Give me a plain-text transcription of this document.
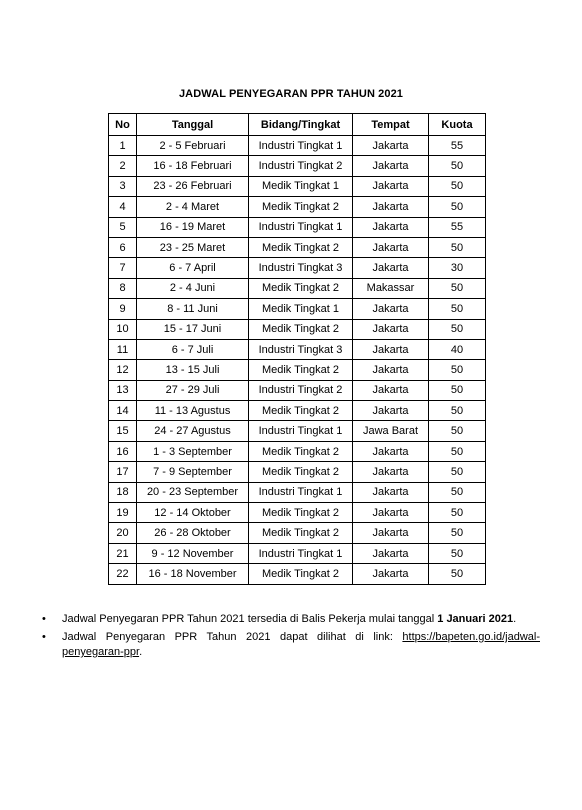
JADWAL PENYEGARAN PPR TAHUN 2021
No	Tanggal	Bidang/Tingkat	Tempat	Kuota
1	2 - 5 Februari	Industri Tingkat 1	Jakarta	55
2	16 - 18 Februari	Industri Tingkat 2	Jakarta	50
3	23 - 26 Februari	Medik Tingkat 1	Jakarta	50
4	2 - 4 Maret	Medik Tingkat 2	Jakarta	50
5	16 - 19 Maret	Industri Tingkat 1	Jakarta	55
6	23 - 25 Maret	Medik Tingkat 2	Jakarta	50
7	6 - 7 April	Industri Tingkat 3	Jakarta	30
8	2 - 4 Juni	Medik Tingkat 2	Makassar	50
9	8 - 11 Juni	Medik Tingkat 1	Jakarta	50
10	15 - 17 Juni	Medik Tingkat 2	Jakarta	50
11	6 - 7 Juli	Industri Tingkat 3	Jakarta	40
12	13 - 15 Juli	Medik Tingkat 2	Jakarta	50
13	27 - 29 Juli	Industri Tingkat 2	Jakarta	50
14	11 - 13 Agustus	Medik Tingkat 2	Jakarta	50
15	24 - 27 Agustus	Industri Tingkat 1	Jawa Barat	50
16	1 - 3 September	Medik Tingkat 2	Jakarta	50
17	7 - 9 September	Medik Tingkat 2	Jakarta	50
18	20 - 23 September	Industri Tingkat 1	Jakarta	50
19	12 - 14 Oktober	Medik Tingkat 2	Jakarta	50
20	26 - 28 Oktober	Medik Tingkat 2	Jakarta	50
21	9 - 12 November	Industri Tingkat 1	Jakarta	50
22	16 - 18 November	Medik Tingkat 2	Jakarta	50
• Jadwal Penyegaran PPR Tahun 2021 tersedia di Balis Pekerja mulai tanggal 1 Januari 2021.
• Jadwal Penyegaran PPR Tahun 2021 dapat dilihat di link: https://bapeten.go.id/jadwal-
penyegaran-ppr.
